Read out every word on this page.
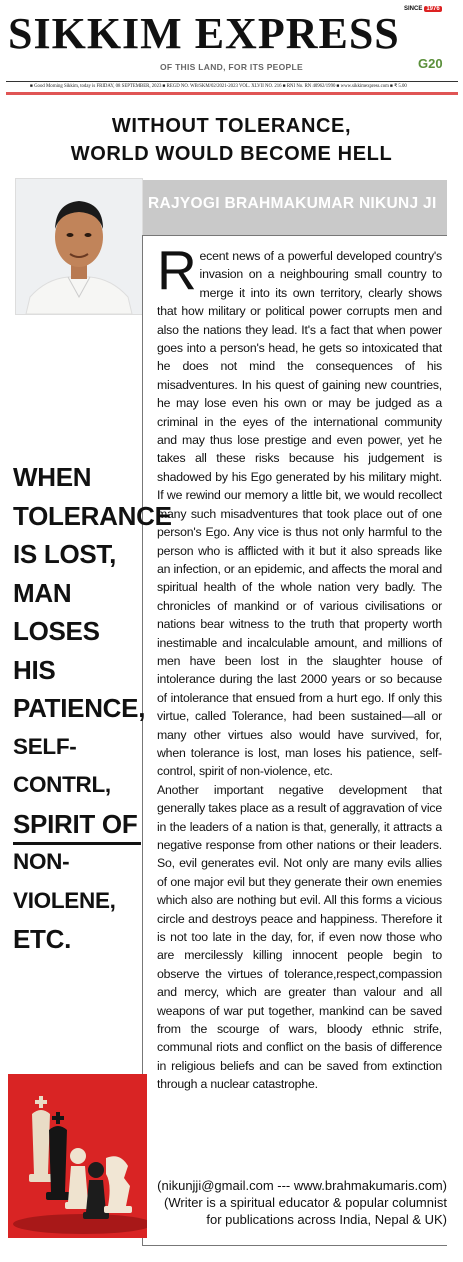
SINCE 1976
SIKKIM EXPRESS
OF THIS LAND, FOR ITS PEOPLE	G20
■ Good Morning Sikkim, today is FRIDAY, 08 SEPTEMBER, 2023 ■ REGD NO. WB/SKM/02/2021-2023 VOL. XLVII NO. 216 ■ RNI No. RN 40962/1990 ■ www.sikkimexpress.com ■ ₹ 5.00
WITHOUT TOLERANCE,
WORLD WOULD BECOME HELL
RAJYOGI BRAHMAKUMAR NIKUNJ JI
WHEN
TOLERANCE
IS LOST,
MAN LOSES
HIS
PATIENCE,
SELF-CONTRL,
SPIRIT OF
NON-VIOLENE,
ETC.

Recent news of a powerful developed country's invasion on a neighbouring small country to merge it into its own territory, clearly shows that how military or political power corrupts men and also the nations they lead. It's a fact that when power goes into a person's head, he gets so intoxicated that he does not mind the consequences of his misadventures. In his quest of gaining new countries, he may lose even his own or may be judged as a criminal in the eyes of the international community and may thus lose prestige and even power, yet he takes all these risks because his judgement is shadowed by his Ego generated by his military might. If we rewind our memory a little bit, we would recollect many such misadventures that took place out of one person's Ego. Any vice is thus not only harmful to the person who is afflicted with it but it also spreads like an infection, or an epidemic, and affects the moral and spiritual health of the whole nation very badly. The chronicles of mankind or of various civilisations or nations bear witness to the truth that property worth inestimable and incalculable amount, and millions of men have been lost in the slaughter house of intolerance during the last 2000 years or so because of intolerance that ensued from a hurt ego. If only this virtue, called Tolerance, had been sustained—all or many other virtues also would have survived, for, when tolerance is lost, man loses his patience, self-control, spirit of non-violence, etc.

Another important negative development that generally takes place as a result of aggravation of vice in the leaders of a nation is that, generally, it attracts a negative response from other nations or their leaders. So, evil generates evil. Not only are many evils allies of one major evil but they generate their own enemies which also are nothing but evil. All this forms a vicious circle and destroys peace and happiness. Therefore it is not too late in the day, for, if even now those who are mercilessly killing innocent people begin to observe the virtues of tolerance,respect,compassion and mercy, which are greater than valour and all weapons of war put together, mankind can be saved from the scourge of wars, bloody ethnic strife, communal riots and conflict on the basis of difference in religious beliefs and can be saved from extinction through a nuclear catastrophe.

(nikunjji@gmail.com --- www.brahmakumaris.com)
(Writer is a spiritual educator & popular columnist
for publications across India, Nepal & UK)
